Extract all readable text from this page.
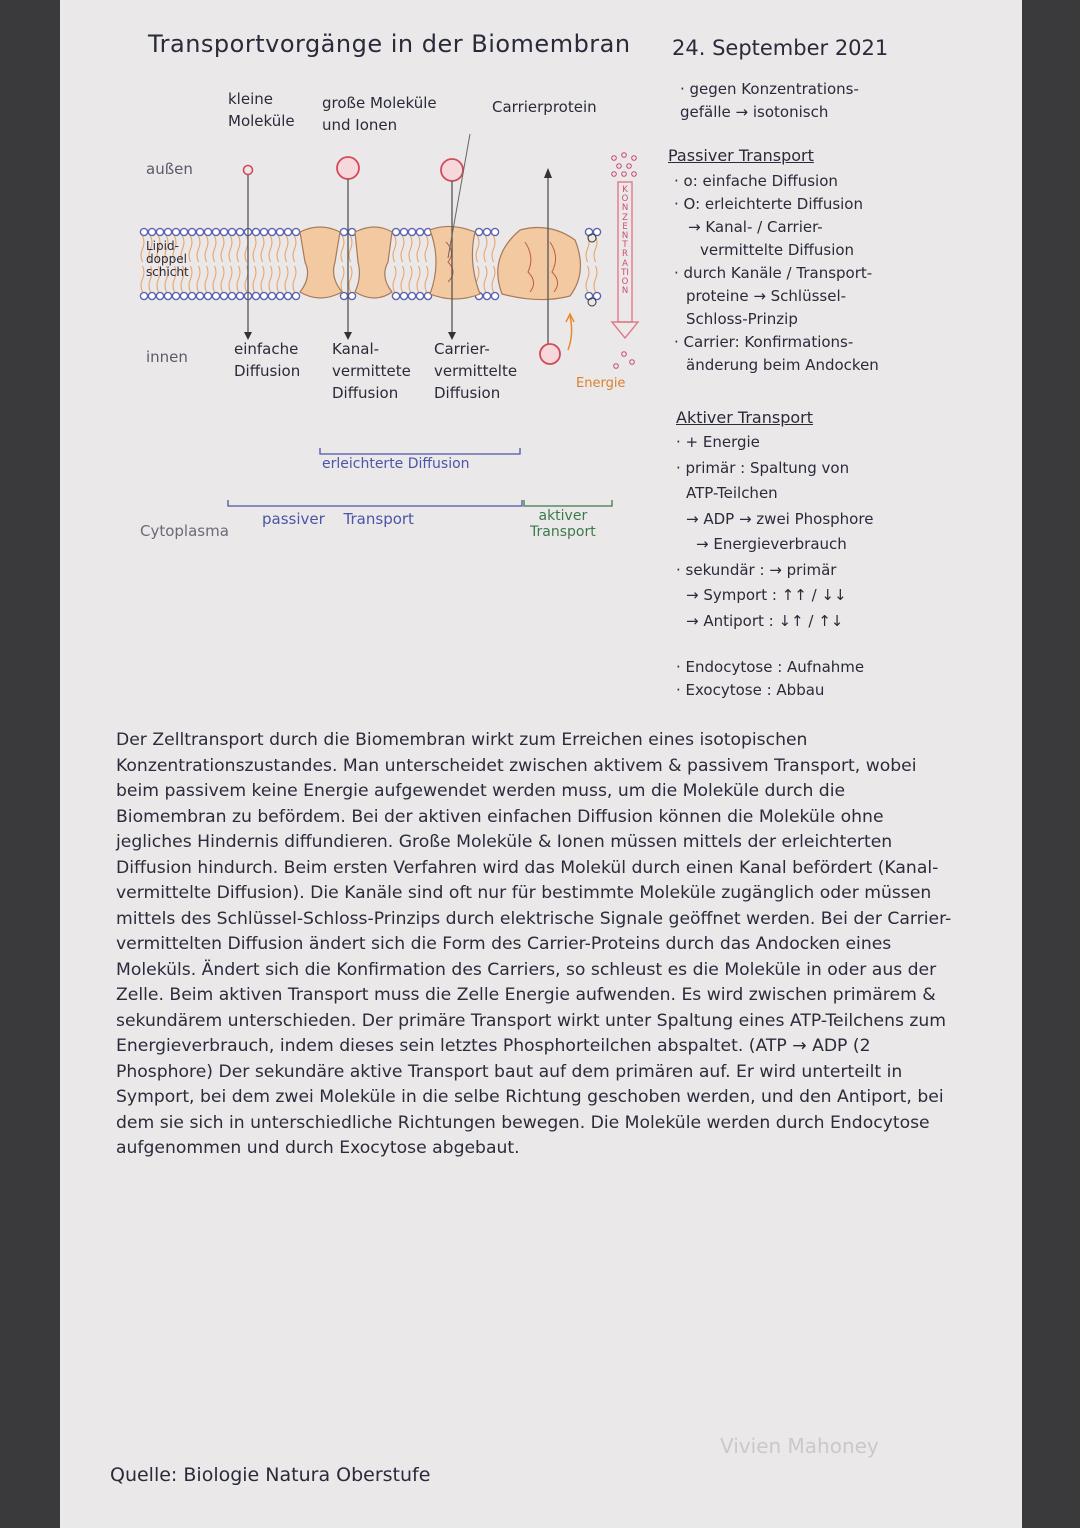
Transportvorgänge in der Biomembran 24. September 2021
kleine
Moleküle
große Moleküle
und Ionen
Carrierprotein
außen
Lipid-
doppel
schicht
innen	einfache
Diffusion
Kanal-
vermittete
Diffusion
Carrier-
vermittelte
Diffusion
Energie
KONZENTRATION
erleichterte Diffusion
passiver Transport	aktiver
Transport
Cytoplasma
· gegen Konzentrations-
gefälle → isotonisch
Passiver Transport
· o: einfache Diffusion
· O: erleichterte Diffusion
→ Kanal- / Carrier-
vermittelte Diffusion
· durch Kanäle / Transport-
proteine → Schlüssel-
Schloss-Prinzip
· Carrier: Konfirmations-
änderung beim Andocken
Aktiver Transport
· + Energie
· primär : Spaltung von
ATP-Teilchen
→ ADP → zwei Phosphore
→ Energieverbrauch
· sekundär : → primär
→ Symport : ↑↑ / ↓↓
→ Antiport : ↓↑ / ↑↓
· Endocytose : Aufnahme
· Exocytose : Abbau

Der Zelltransport durch die Biomembran wirkt zum Erreichen eines isotopischen Konzentrationszustandes. Man unterscheidet zwischen aktivem & passivem Transport, wobei beim passivem keine Energie aufgewendet werden muss, um die Moleküle durch die Biomembran zu befördem. Bei der aktiven einfachen Diffusion können die Moleküle ohne jegliches Hindernis diffundieren. Große Moleküle & Ionen müssen mittels der erleichterten Diffusion hindurch. Beim ersten Verfahren wird das Molekül durch einen Kanal befördert (Kanal-vermittelte Diffusion). Die Kanäle sind oft nur für bestimmte Moleküle zugänglich oder müssen mittels des Schlüssel-Schloss-Prinzips durch elektrische Signale geöffnet werden. Bei der Carrier-vermittelten Diffusion ändert sich die Form des Carrier-Proteins durch das Andocken eines Moleküls. Ändert sich die Konfirmation des Carriers, so schleust es die Moleküle in oder aus der Zelle. Beim aktiven Transport muss die Zelle Energie aufwenden. Es wird zwischen primärem & sekundärem unterschieden. Der primäre Transport wirkt unter Spaltung eines ATP-Teilchens zum Energieverbrauch, indem dieses sein letztes Phosphorteilchen abspaltet. (ATP → ADP (2 Phosphore) Der sekundäre aktive Transport baut auf dem primären auf. Er wird unterteilt in Symport, bei dem zwei Moleküle in die selbe Richtung geschoben werden, und den Antiport, bei dem sie sich in unterschiedliche Richtungen bewegen. Die Moleküle werden durch Endocytose aufgenommen und durch Exocytose abgebaut.

Quelle: Biologie Natura Oberstufe
Vivien Mahoney
